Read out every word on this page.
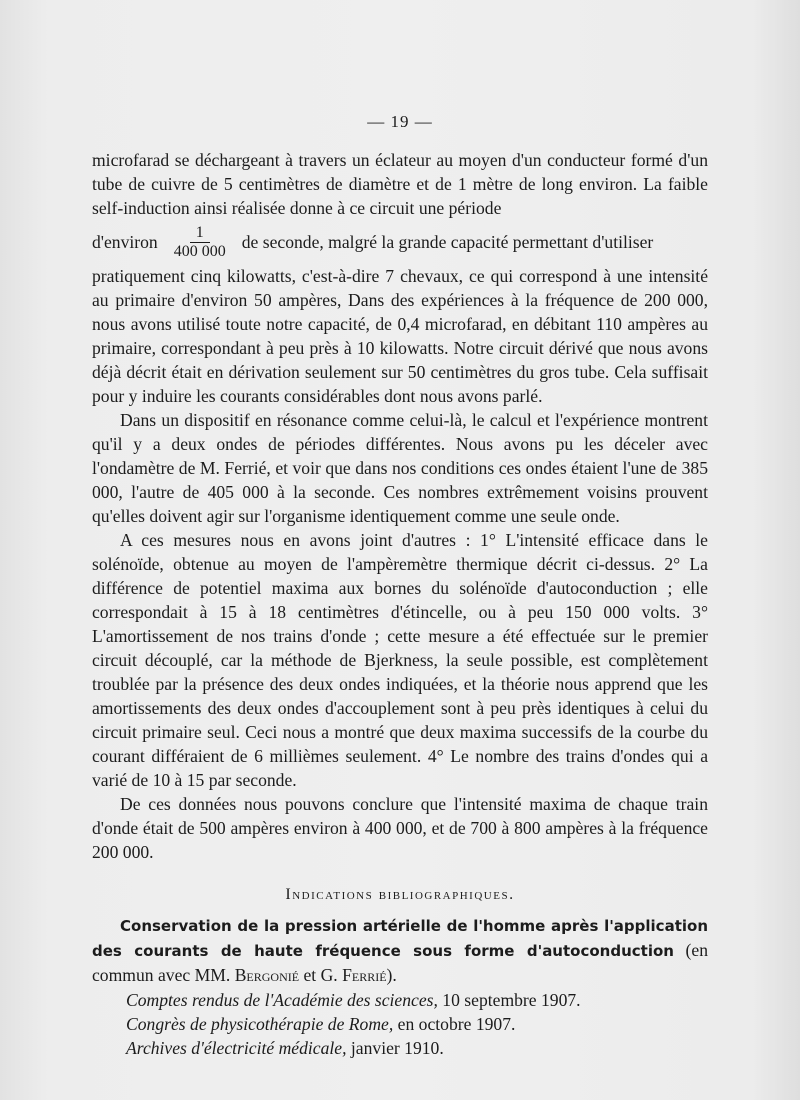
— 19 —

microfarad se déchargeant à travers un éclateur au moyen d'un conducteur formé d'un tube de cuivre de 5 centimètres de diamètre et de 1 mètre de long environ. La faible self-induction ainsi réalisée donne à ce circuit une période

d'environ $\frac{1}{400 000}$ de seconde, malgré la grande capacité permettant d'utiliser

pratiquement cinq kilowatts, c'est-à-dire 7 chevaux, ce qui correspond à une intensité au primaire d'environ 50 ampères, Dans des expériences à la fréquence de 200 000, nous avons utilisé toute notre capacité, de 0,4 microfarad, en débitant 110 ampères au primaire, correspondant à peu près à 10 kilowatts. Notre circuit dérivé que nous avons déjà décrit était en dérivation seulement sur 50 centimètres du gros tube. Cela suffisait pour y induire les courants considérables dont nous avons parlé.

Dans un dispositif en résonance comme celui-là, le calcul et l'expérience montrent qu'il y a deux ondes de périodes différentes. Nous avons pu les déceler avec l'ondamètre de M. Ferrié, et voir que dans nos conditions ces ondes étaient l'une de 385 000, l'autre de 405 000 à la seconde. Ces nombres extrêmement voisins prouvent qu'elles doivent agir sur l'organisme identiquement comme une seule onde.

A ces mesures nous en avons joint d'autres : 1° L'intensité efficace dans le solénoïde, obtenue au moyen de l'ampèremètre thermique décrit ci-dessus. 2° La différence de potentiel maxima aux bornes du solénoïde d'autoconduction ; elle correspondait à 15 à 18 centimètres d'étincelle, ou à peu 150 000 volts. 3° L'amortissement de nos trains d'onde ; cette mesure a été effectuée sur le premier circuit découplé, car la méthode de Bjerkness, la seule possible, est complètement troublée par la présence des deux ondes indiquées, et la théorie nous apprend que les amortissements des deux ondes d'accouplement sont à peu près identiques à celui du circuit primaire seul. Ceci nous a montré que deux maxima successifs de la courbe du courant différaient de 6 millièmes seulement. 4° Le nombre des trains d'ondes qui a varié de 10 à 15 par seconde.

De ces données nous pouvons conclure que l'intensité maxima de chaque train d'onde était de 500 ampères environ à 400 000, et de 700 à 800 ampères à la fréquence 200 000.

Indications bibliographiques.

Conservation de la pression artérielle de l'homme après l'application des courants de haute fréquence sous forme d'autoconduction (en commun avec MM. Bergonié et G. Ferrié).

Comptes rendus de l'Académie des sciences, 10 septembre 1907.
Congrès de physicothérapie de Rome, en octobre 1907.
Archives d'électricité médicale, janvier 1910.
